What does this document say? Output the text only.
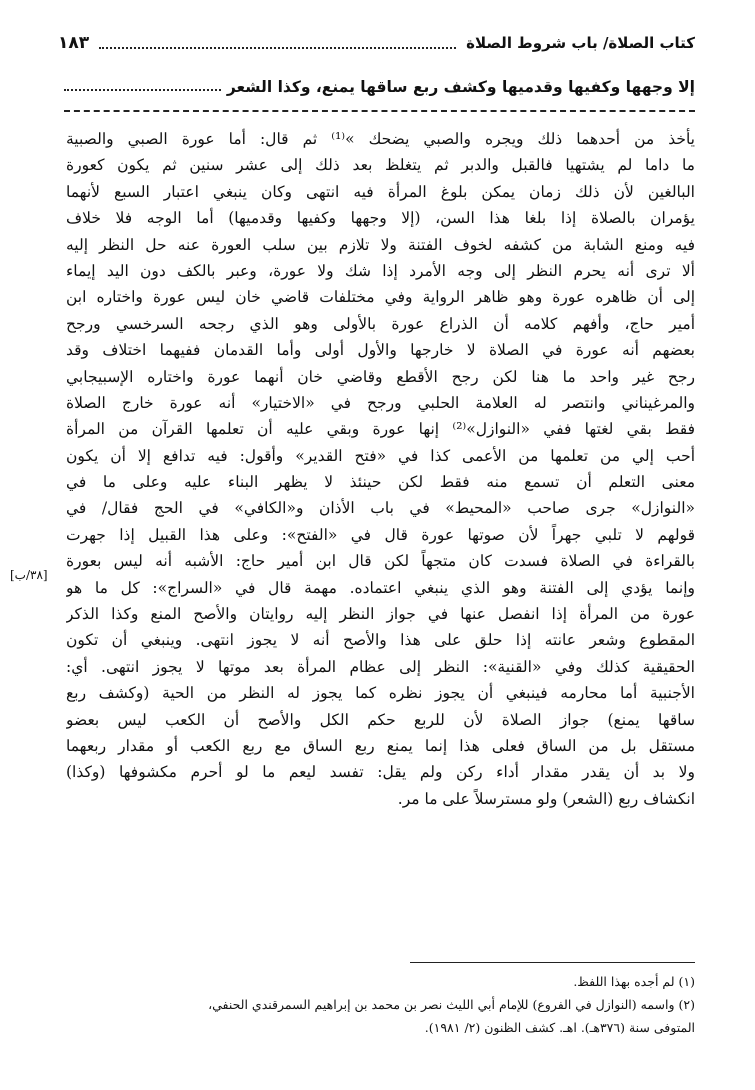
كتاب الصلاة/ باب شروط الصلاة
١٨٣
إلا وجهها وكفيها وقدميها وكشف ربع ساقها يمنع، وكذا الشعر
يأخذ من أحدهما ذلك ويجره والصبي يضحك »⁽¹⁾ ثم قال: أما عورة الصبي والصبية
ما داما لم يشتهيا فالقبل والدبر ثم يتغلظ بعد ذلك إلى عشر سنين ثم يكون كعورة
البالغين لأن ذلك زمان يمكن بلوغ المرأة فيه انتهى وكان ينبغي اعتبار السبع لأنهما
يؤمران بالصلاة إذا بلغا هذا السن، (إلا وجهها وكفيها وقدميها) أما الوجه فلا خلاف
فيه ومنع الشابة من كشفه لخوف الفتنة ولا تلازم بين سلب العورة عنه حل النظر إليه
ألا ترى أنه يحرم النظر إلى وجه الأمرد إذا شك ولا عورة، وعبر بالكف دون اليد إيماء
إلى أن ظاهره عورة وهو ظاهر الرواية وفي مختلفات قاضي خان ليس عورة واختاره ابن
أمير حاج، وأفهم كلامه أن الذراع عورة بالأولى وهو الذي رجحه السرخسي ورجح
بعضهم أنه عورة في الصلاة لا خارجها والأول أولى وأما القدمان ففيهما اختلاف وقد
رجح غير واحد ما هنا لكن رجح الأقطع وقاضي خان أنهما عورة واختاره الإسبيجابي
والمرغيناني وانتصر له العلامة الحلبي ورجح في «الاختيار» أنه عورة خارج الصلاة
فقط بقي لغتها ففي «النوازل»⁽²⁾ إنها عورة وبقي عليه أن تعلمها القرآن من المرأة
أحب إلي من تعلمها من الأعمى كذا في «فتح القدير» وأقول: فيه تدافع إلا أن يكون
معنى التعلم أن تسمع منه فقط لكن حينئذ لا يظهر البناء عليه وعلى ما في
«النوازل» جرى صاحب «المحيط» في باب الأذان و«الكافي» في الحج فقال/ في
قولهم لا تلبي جهراً لأن صوتها عورة قال في «الفتح»: وعلى هذا القبيل إذا جهرت
بالقراءة في الصلاة فسدت كان متجهاً لكن قال ابن أمير حاج: الأشبه أنه ليس بعورة
وإنما يؤدي إلى الفتنة وهو الذي ينبغي اعتماده. مهمة قال في «السراج»: كل ما هو
عورة من المرأة إذا انفصل عنها في جواز النظر إليه روايتان والأصح المنع وكذا الذكر
المقطوع وشعر عانته إذا حلق على هذا والأصح أنه لا يجوز انتهى. وينبغي أن تكون
الحقيقية كذلك وفي «القنية»: النظر إلى عظام المرأة بعد موتها لا يجوز انتهى. أي:
الأجنبية أما محارمه فينبغي أن يجوز نظره كما يجوز له النظر من الحية (وكشف ربع
ساقها يمنع) جواز الصلاة لأن للربع حكم الكل والأصح أن الكعب ليس بعضو
مستقل بل من الساق فعلى هذا إنما يمنع ربع الساق مع ربع الكعب أو مقدار ربعهما
ولا بد أن يقدر مقدار أداء ركن ولم يقل: تفسد ليعم ما لو أحرم مكشوفها (وكذا)
انكشاف ربع (الشعر) ولو مسترسلاً على ما مر.
[٣٨/ب]
(١) لم أجده بهذا اللفظ.
(٢) واسمه (النوازل في الفروع) للإمام أبي الليث نصر بن محمد بن إبراهيم السمرقندي الحنفي،
المتوفى سنة (٣٧٦هـ). اهـ. كشف الظنون (٢/ ١٩٨١).
